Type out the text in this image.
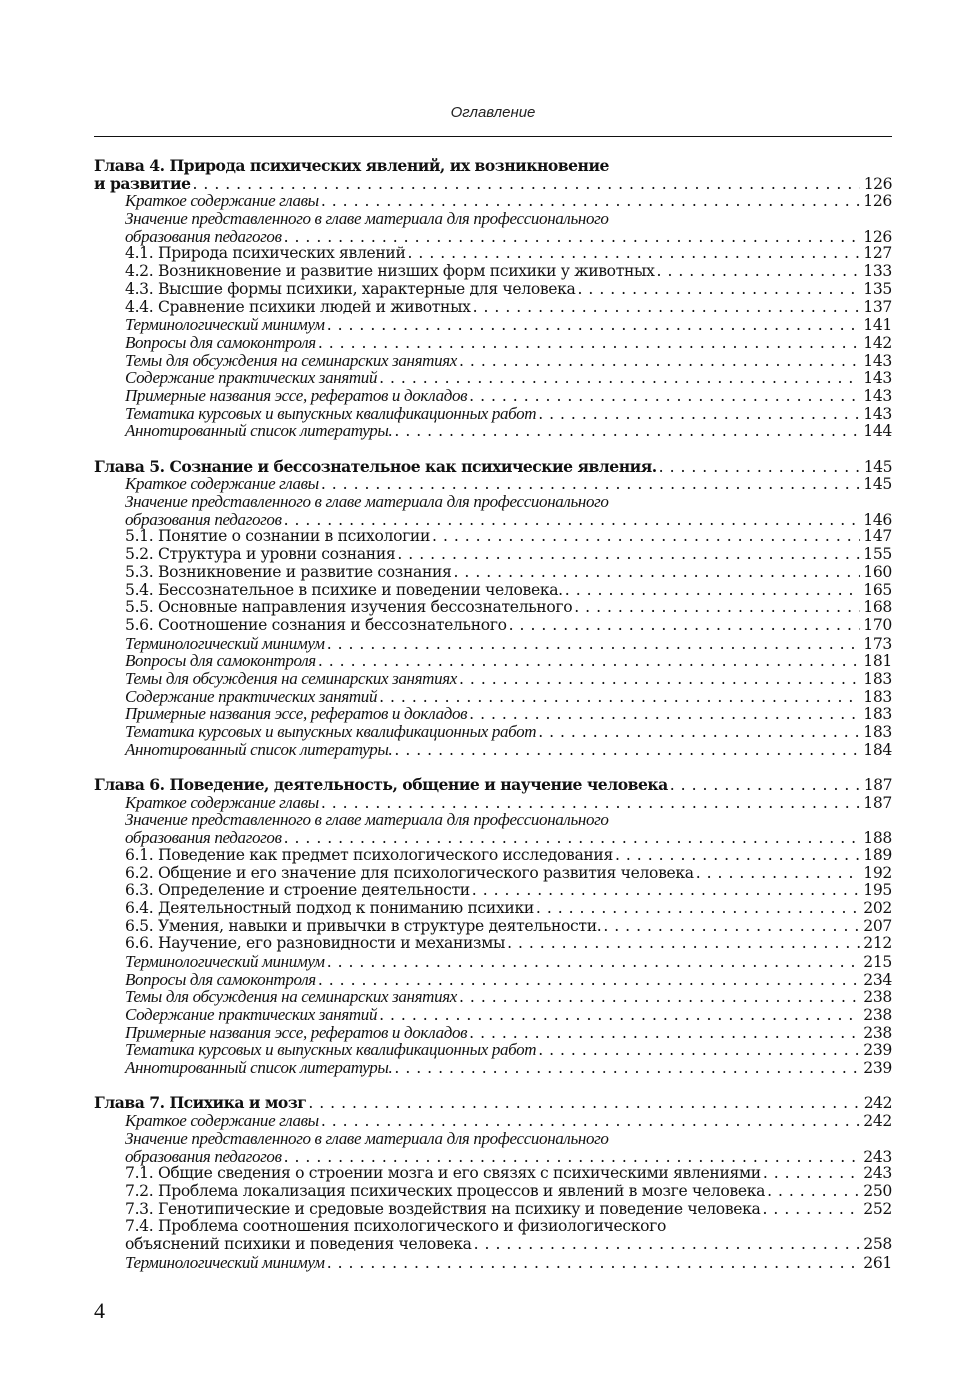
Оглавление
Глава 4. Природа психических явлений, их возникновение
и развитие . . .	126
Краткое содержание главы . . .	126
Значение представленного в главе материала для профессионального
образования педагогов . . .	126
4.1. Природа психических явлений . . .	127
4.2. Возникновение и развитие низших форм психики у животных . . .	133
4.3. Высшие формы психики, характерные для человека . . .	135
4.4. Сравнение психики людей и животных . . .	137
Терминологический минимум . . .	141
Вопросы для самоконтроля . . .	142
Темы для обсуждения на семинарских занятиях . . .	143
Содержание практических занятий . . .	143
Примерные названия эссе, рефератов и докладов . . .	143
Тематика курсовых и выпускных квалификационных работ . . .	143
Аннотированный список литературы. . . .	144
Глава 5. Сознание и бессознательное как психические явления. . . .	145
Краткое содержание главы . . .	145
Значение представленного в главе материала для профессионального
образования педагогов . . .	146
5.1. Понятие о сознании в психологии . . .	147
5.2. Структура и уровни сознания . . .	155
5.3. Возникновение и развитие сознания . . .	160
5.4. Бессознательное в психике и поведении человека. . . .	165
5.5. Основные направления изучения бессознательного . . .	168
5.6. Соотношение сознания и бессознательного . . .	170
Терминологический минимум . . .	173
Вопросы для самоконтроля . . .	181
Темы для обсуждения на семинарских занятиях . . .	183
Содержание практических занятий . . .	183
Примерные названия эссе, рефератов и докладов . . .	183
Тематика курсовых и выпускных квалификационных работ . . .	183
Аннотированный список литературы. . . .	184
Глава 6. Поведение, деятельность, общение и научение человека . . .	187
Краткое содержание главы . . .	187
Значение представленного в главе материала для профессионального
образования педагогов . . .	188
6.1. Поведение как предмет психологического исследования . . .	189
6.2. Общение и его значение для психологического развития человека . . .	192
6.3. Определение и строение деятельности . . .	195
6.4. Деятельностный подход к пониманию психики . . .	202
6.5. Умения, навыки и привычки в структуре деятельности. . . .	207
6.6. Научение, его разновидности и механизмы . . .	212
Терминологический минимум . . .	215
Вопросы для самоконтроля . . .	234
Темы для обсуждения на семинарских занятиях . . .	238
Содержание практических занятий . . .	238
Примерные названия эссе, рефератов и докладов . . .	238
Тематика курсовых и выпускных квалификационных работ . . .	239
Аннотированный список литературы. . . .	239
Глава 7. Психика и мозг . . .	242
Краткое содержание главы . . .	242
Значение представленного в главе материала для профессионального
образования педагогов . . .	243
7.1. Общие сведения о строении мозга и его связях с психическими явлениями . . .	243
7.2. Проблема локализация психических процессов и явлений в мозге человека . . .	250
7.3. Генотипические и средовые воздействия на психику и поведение человека . . .	252
7.4. Проблема соотношения психологического и физиологического
объяснений психики и поведения человека . . .	258
Терминологический минимум . . .	261
4
